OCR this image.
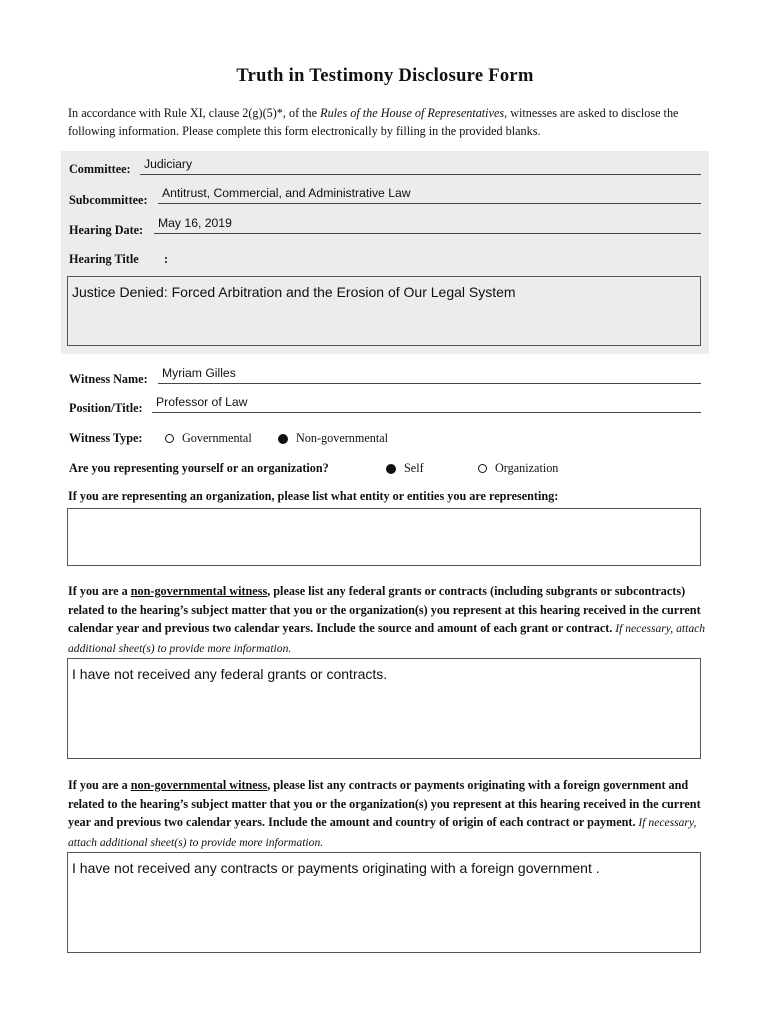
Truth in Testimony Disclosure Form
In accordance with Rule XI, clause 2(g)(5)*, of the Rules of the House of Representatives, witnesses are asked to disclose the following information. Please complete this form electronically by filling in the provided blanks.
Committee:	Judiciary
Subcommittee:	Antitrust, Commercial, and Administrative Law
Hearing Date:	May 16, 2019
Hearing Title :
Justice Denied: Forced Arbitration and the Erosion of Our Legal System
Witness Name:	Myriam Gilles
Position/Title:	Professor of Law
Witness Type:	Governmental	Non-governmental
Are you representing yourself or an organization?	Self	Organization
If you are representing an organization, please list what entity or entities you are representing:
If you are a non-governmental witness, please list any federal grants or contracts (including subgrants or subcontracts) related to the hearing’s subject matter that you or the organization(s) you represent at this hearing received in the current calendar year and previous two calendar years. Include the source and amount of each grant or contract. If necessary, attach additional sheet(s) to provide more information.
I have not received any federal grants or contracts.
If you are a non-governmental witness, please list any contracts or payments originating with a foreign government and related to the hearing’s subject matter that you or the organization(s) you represent at this hearing received in the current year and previous two calendar years. Include the amount and country of origin of each contract or payment. If necessary, attach additional sheet(s) to provide more information.
I have not received any contracts or payments originating with a foreign government .
